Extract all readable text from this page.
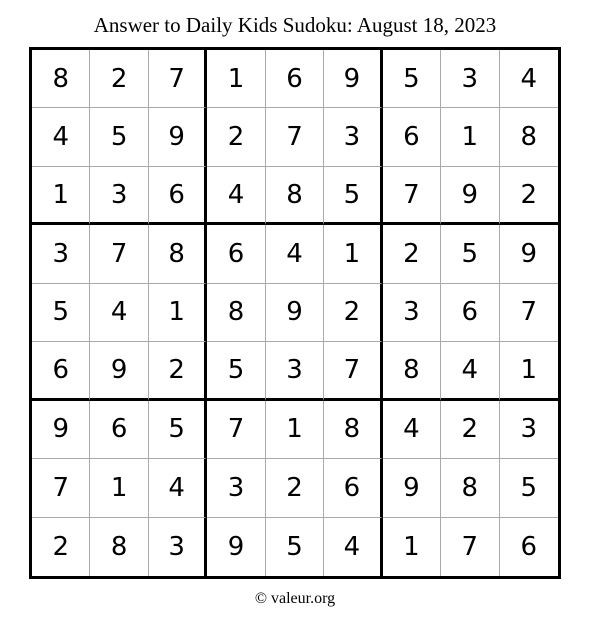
Answer to Daily Kids Sudoku: August 18, 2023
8	2	7	1	6	9	5	3	4
4	5	9	2	7	3	6	1	8
1	3	6	4	8	5	7	9	2
3	7	8	6	4	1	2	5	9
5	4	1	8	9	2	3	6	7
6	9	2	5	3	7	8	4	1
9	6	5	7	1	8	4	2	3
7	1	4	3	2	6	9	8	5
2	8	3	9	5	4	1	7	6
© valeur.org
